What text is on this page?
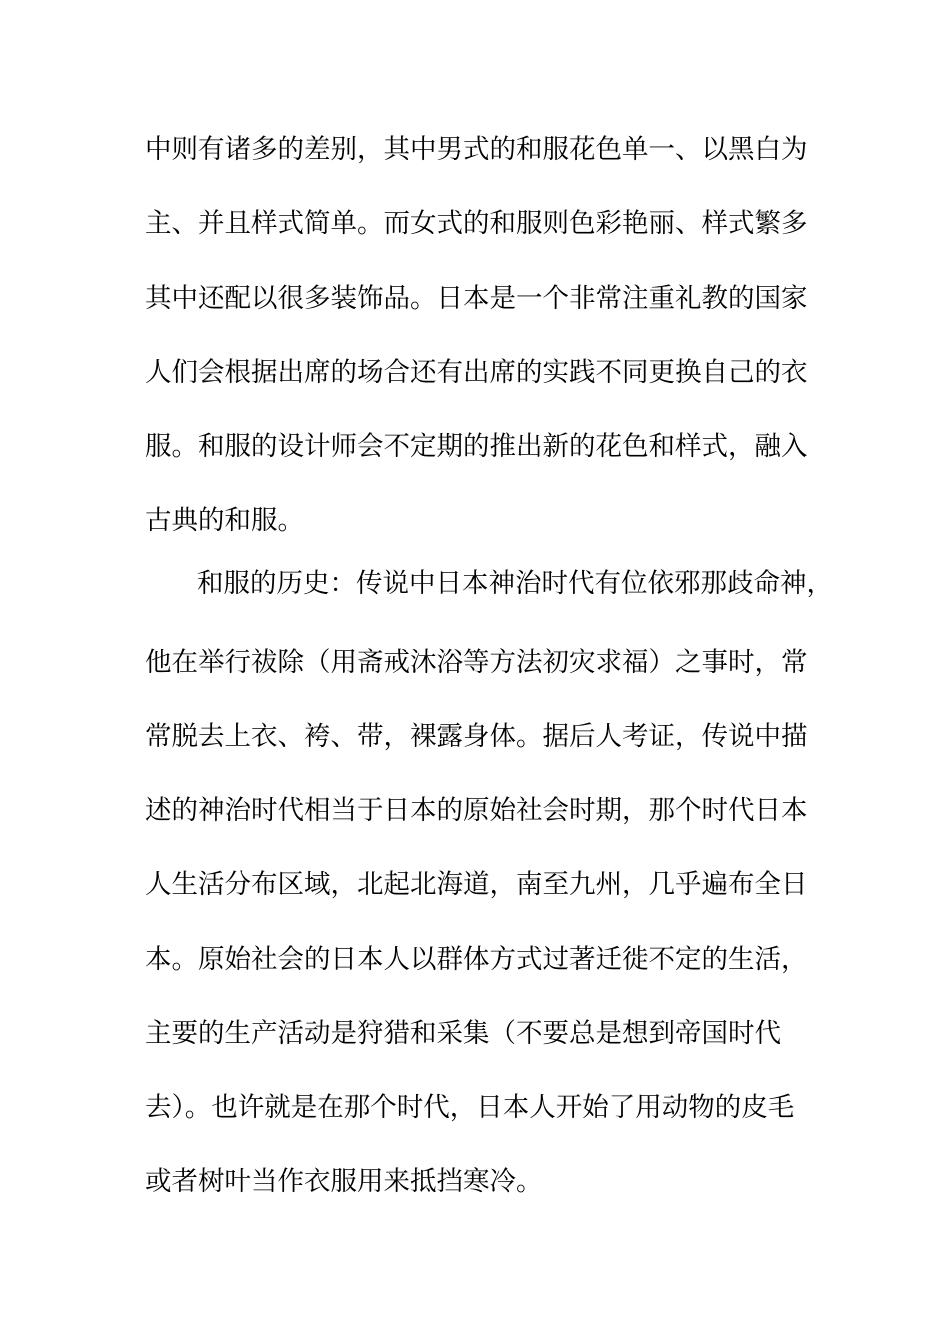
中则有诸多的差别，其中男式的和服花色单一、以黑白为
主、并且样式简单。而女式的和服则色彩艳丽、样式繁多
其中还配以很多装饰品。日本是一个非常注重礼教的国家
人们会根据出席的场合还有出席的实践不同更换自己的衣
服。和服的设计师会不定期的推出新的花色和样式，融入
古典的和服。
和服的历史：传说中日本神治时代有位依邪那歧命神，
他在举行祓除（用斋戒沐浴等方法初灾求福）之事时，常
常脱去上衣、袴、带，裸露身体。据后人考证，传说中描
述的神治时代相当于日本的原始社会时期，那个时代日本
人生活分布区域，北起北海道，南至九州，几乎遍布全日
本。原始社会的日本人以群体方式过著迁徙不定的生活，
主要的生产活动是狩猎和采集（不要总是想到帝国时代
去）。也许就是在那个时代，日本人开始了用动物的皮毛
或者树叶当作衣服用来抵挡寒冷。
